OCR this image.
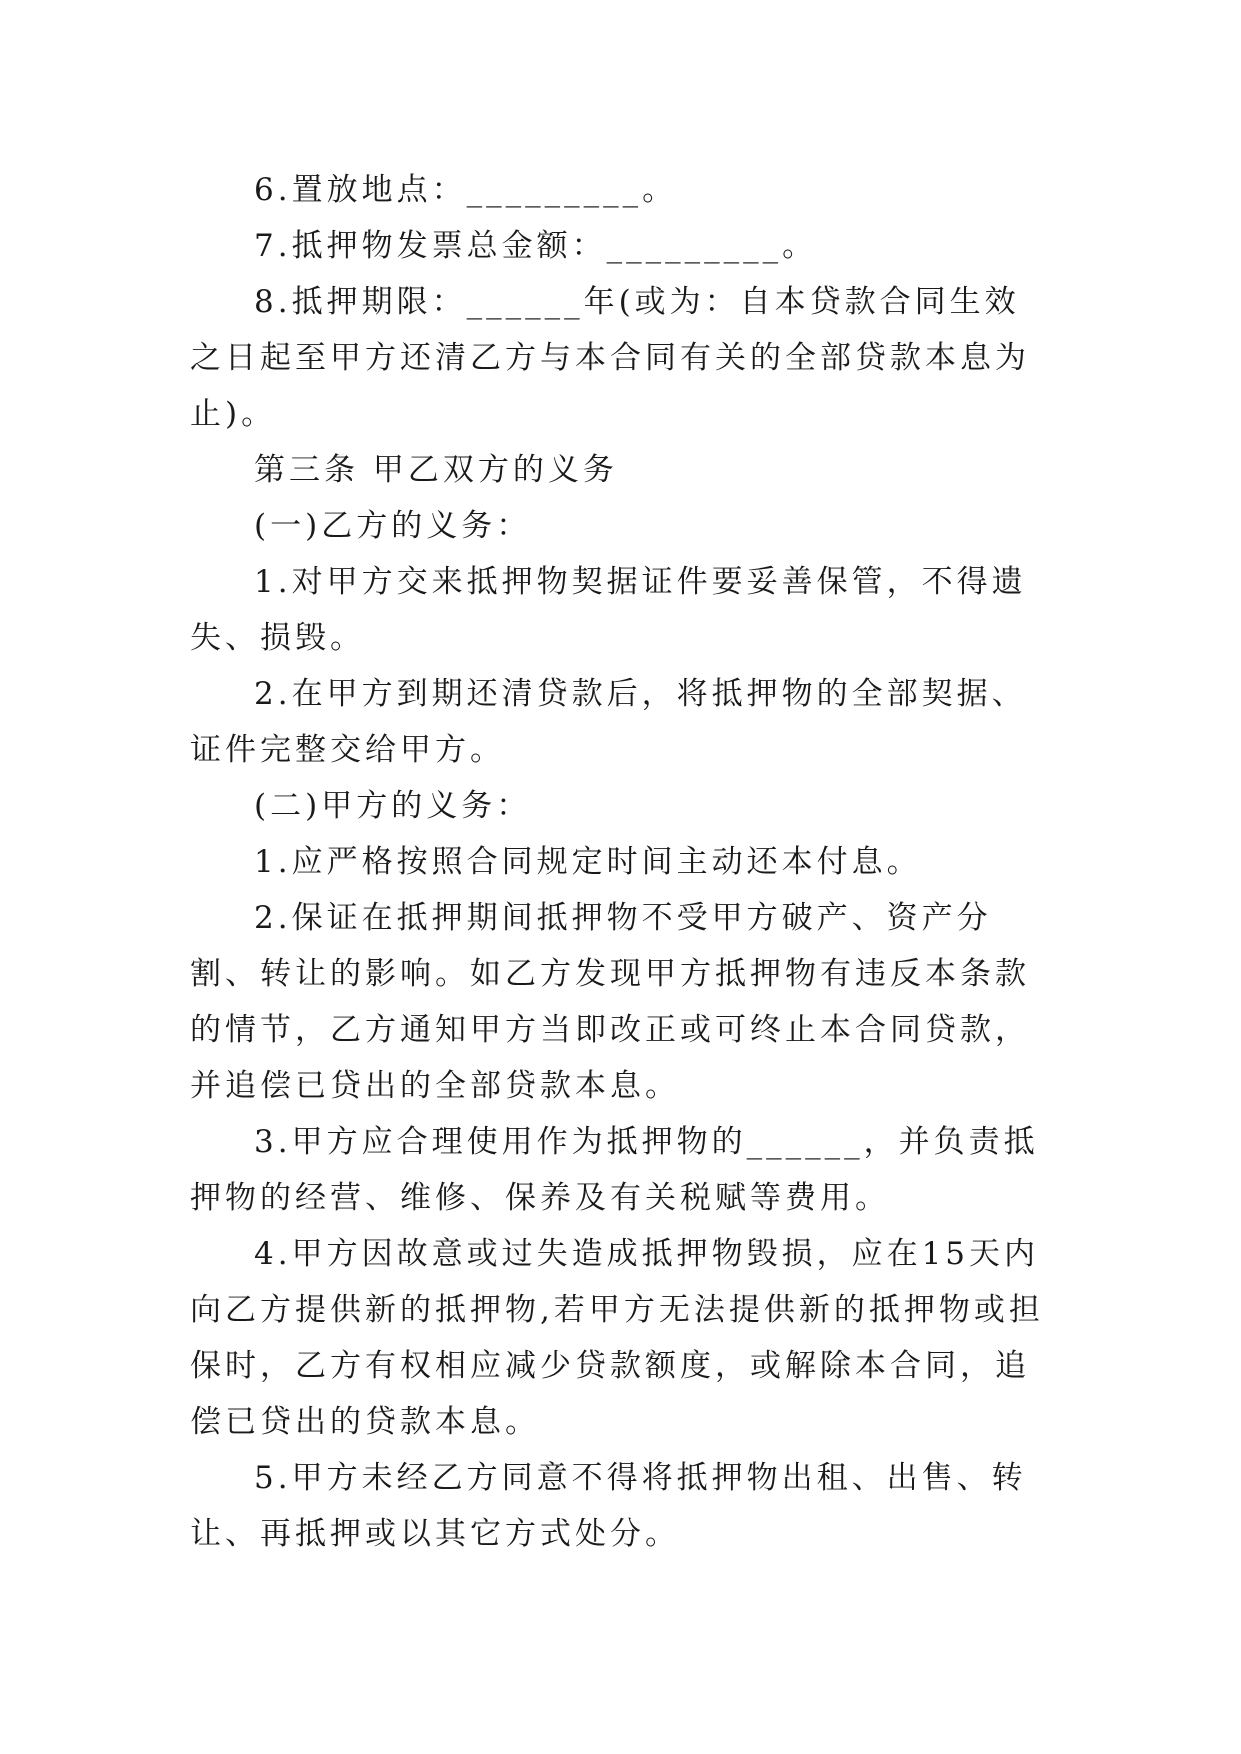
6.置放地点：_________。

7.抵押物发票总金额：_________。

8.抵押期限：______年(或为：自本贷款合同生效之日起至甲方还清乙方与本合同有关的全部贷款本息为止)。

第三条 甲乙双方的义务

(一)乙方的义务：

1.对甲方交来抵押物契据证件要妥善保管，不得遗失、损毁。

2.在甲方到期还清贷款后，将抵押物的全部契据、证件完整交给甲方。

(二)甲方的义务：

1.应严格按照合同规定时间主动还本付息。

2.保证在抵押期间抵押物不受甲方破产、资产分割、转让的影响。如乙方发现甲方抵押物有违反本条款的情节，乙方通知甲方当即改正或可终止本合同贷款，并追偿已贷出的全部贷款本息。

3.甲方应合理使用作为抵押物的______，并负责抵押物的经营、维修、保养及有关税赋等费用。

4.甲方因故意或过失造成抵押物毁损，应在15天内向乙方提供新的抵押物,若甲方无法提供新的抵押物或担保时，乙方有权相应减少贷款额度，或解除本合同，追偿已贷出的贷款本息。

5.甲方未经乙方同意不得将抵押物出租、出售、转让、再抵押或以其它方式处分。
